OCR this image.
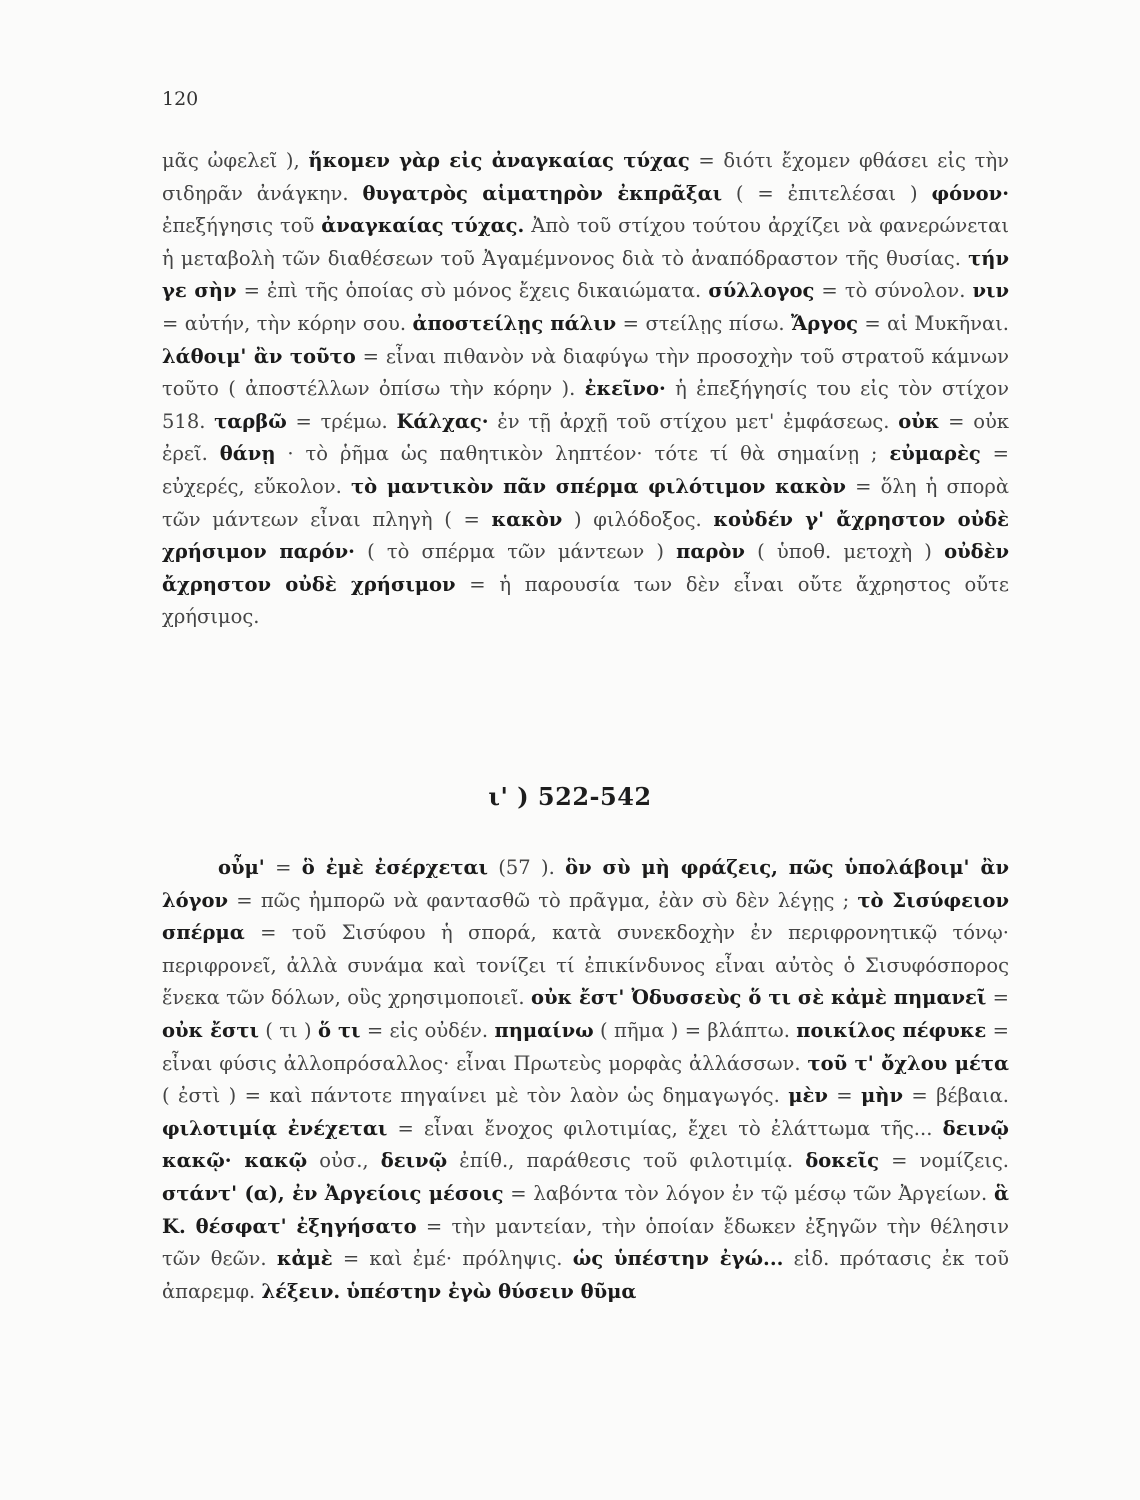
120
μᾶς ὠφελεῖ ), ἥκομεν γὰρ εἰς ἀναγκαίας τύχας = διότι ἔχομεν φθάσει εἰς τὴν σιδηρᾶν ἀνάγκην. θυγατρὸς αἱματηρὸν ἐκπρᾶξαι ( = ἐπιτελέσαι ) φόνον· ἐπεξήγησις τοῦ ἀναγκαίας τύχας. Ἀπὸ τοῦ στίχου τούτου ἀρχίζει νὰ φανερώνεται ἡ μεταβολὴ τῶν διαθέσεων τοῦ Ἀγαμέμνονος διὰ τὸ ἀναπόδραστον τῆς θυσίας. τήν γε σὴν = ἐπὶ τῆς ὁποίας σὺ μόνος ἔχεις δικαιώματα. σύλλογος = τὸ σύνολον. νιν = αὐτήν, τὴν κόρην σου. ἀποστείλῃς πάλιν = στείλῃς πίσω. Ἄργος = αἱ Μυκῆναι. λάθοιμ' ἂν τοῦτο = εἶναι πιθανὸν νὰ διαφύγω τὴν προσοχὴν τοῦ στρατοῦ κάμνων τοῦτο ( ἀποστέλλων ὀπίσω τὴν κόρην ). ἐκεῖνο· ἡ ἐπεξήγησίς του εἰς τὸν στίχον 518. ταρβῶ = τρέμω. Κάλχας· ἐν τῇ ἀρχῇ τοῦ στίχου μετ' ἐμφάσεως. οὐκ = οὐκ ἐρεῖ. θάνῃ · τὸ ῥῆμα ὡς παθητικὸν ληπτέον· τότε τί θὰ σημαίνῃ ; εὐμαρὲς = εὐχερές, εὔκολον. τὸ μαντικὸν πᾶν σπέρμα φιλότιμον κακὸν = ὅλη ἡ σπορὰ τῶν μάντεων εἶναι πληγὴ ( = κακὸν ) φιλόδοξος. κοὐδέν γ' ἄχρηστον οὐδὲ χρήσιμον παρόν· ( τὸ σπέρμα τῶν μάντεων ) παρὸν ( ὑποθ. μετοχὴ ) οὐδὲν ἄχρηστον οὐδὲ χρήσιμον = ἡ παρουσία των δὲν εἶναι οὔτε ἄχρηστος οὔτε χρήσιμος.
ι' ) 522-542
οὖμ' = ὃ ἐμὲ ἐσέρχεται (57 ). ὃν σὺ μὴ φράζεις, πῶς ὑπολάβοιμ' ἂν λόγον = πῶς ἠμπορῶ νὰ φαντασθῶ τὸ πρᾶγμα, ἐὰν σὺ δὲν λέγῃς ; τὸ Σισύφειον σπέρμα = τοῦ Σισύφου ἡ σπορά, κατὰ συνεκδοχὴν ἐν περιφρονητικῷ τόνῳ· περιφρονεῖ, ἀλλὰ συνάμα καὶ τονίζει τί ἐπικίνδυνος εἶναι αὐτὸς ὁ Σισυφόσπορος ἕνεκα τῶν δόλων, οὓς χρησιμοποιεῖ. οὐκ ἔστ' Ὀδυσσεὺς ὅ τι σὲ κἀμὲ πημανεῖ = οὐκ ἔστι ( τι ) ὅ τι = εἰς οὐδέν. πημαίνω ( πῆμα ) = βλάπτω. ποικίλος πέφυκε = εἶναι φύσις ἀλλοπρόσαλλος· εἶναι Πρωτεὺς μορφὰς ἀλλάσσων. τοῦ τ' ὄχλου μέτα ( ἐστὶ ) = καὶ πάντοτε πηγαίνει μὲ τὸν λαὸν ὡς δημαγωγός. μὲν = μὴν = βέβαια. φιλοτιμίᾳ ἐνέχεται = εἶναι ἔνοχος φιλοτιμίας, ἔχει τὸ ἐλάττωμα τῆς... δεινῷ κακῷ· κακῷ οὐσ., δεινῷ ἐπίθ., παράθεσις τοῦ φιλοτιμίᾳ. δοκεῖς = νομίζεις. στάντ' (α), ἐν Ἀργείοις μέσοις = λαβόντα τὸν λόγον ἐν τῷ μέσῳ τῶν Ἀργείων. ἃ Κ. θέσφατ' ἐξηγήσατο = τὴν μαντείαν, τὴν ὁποίαν ἔδωκεν ἐξηγῶν τὴν θέλησιν τῶν θεῶν. κἀμὲ = καὶ ἐμέ· πρόληψις. ὡς ὑπέστην ἐγώ... εἰδ. πρότασις ἐκ τοῦ ἀπαρεμφ. λέξειν. ὑπέστην ἐγὼ θύσειν θῦμα
